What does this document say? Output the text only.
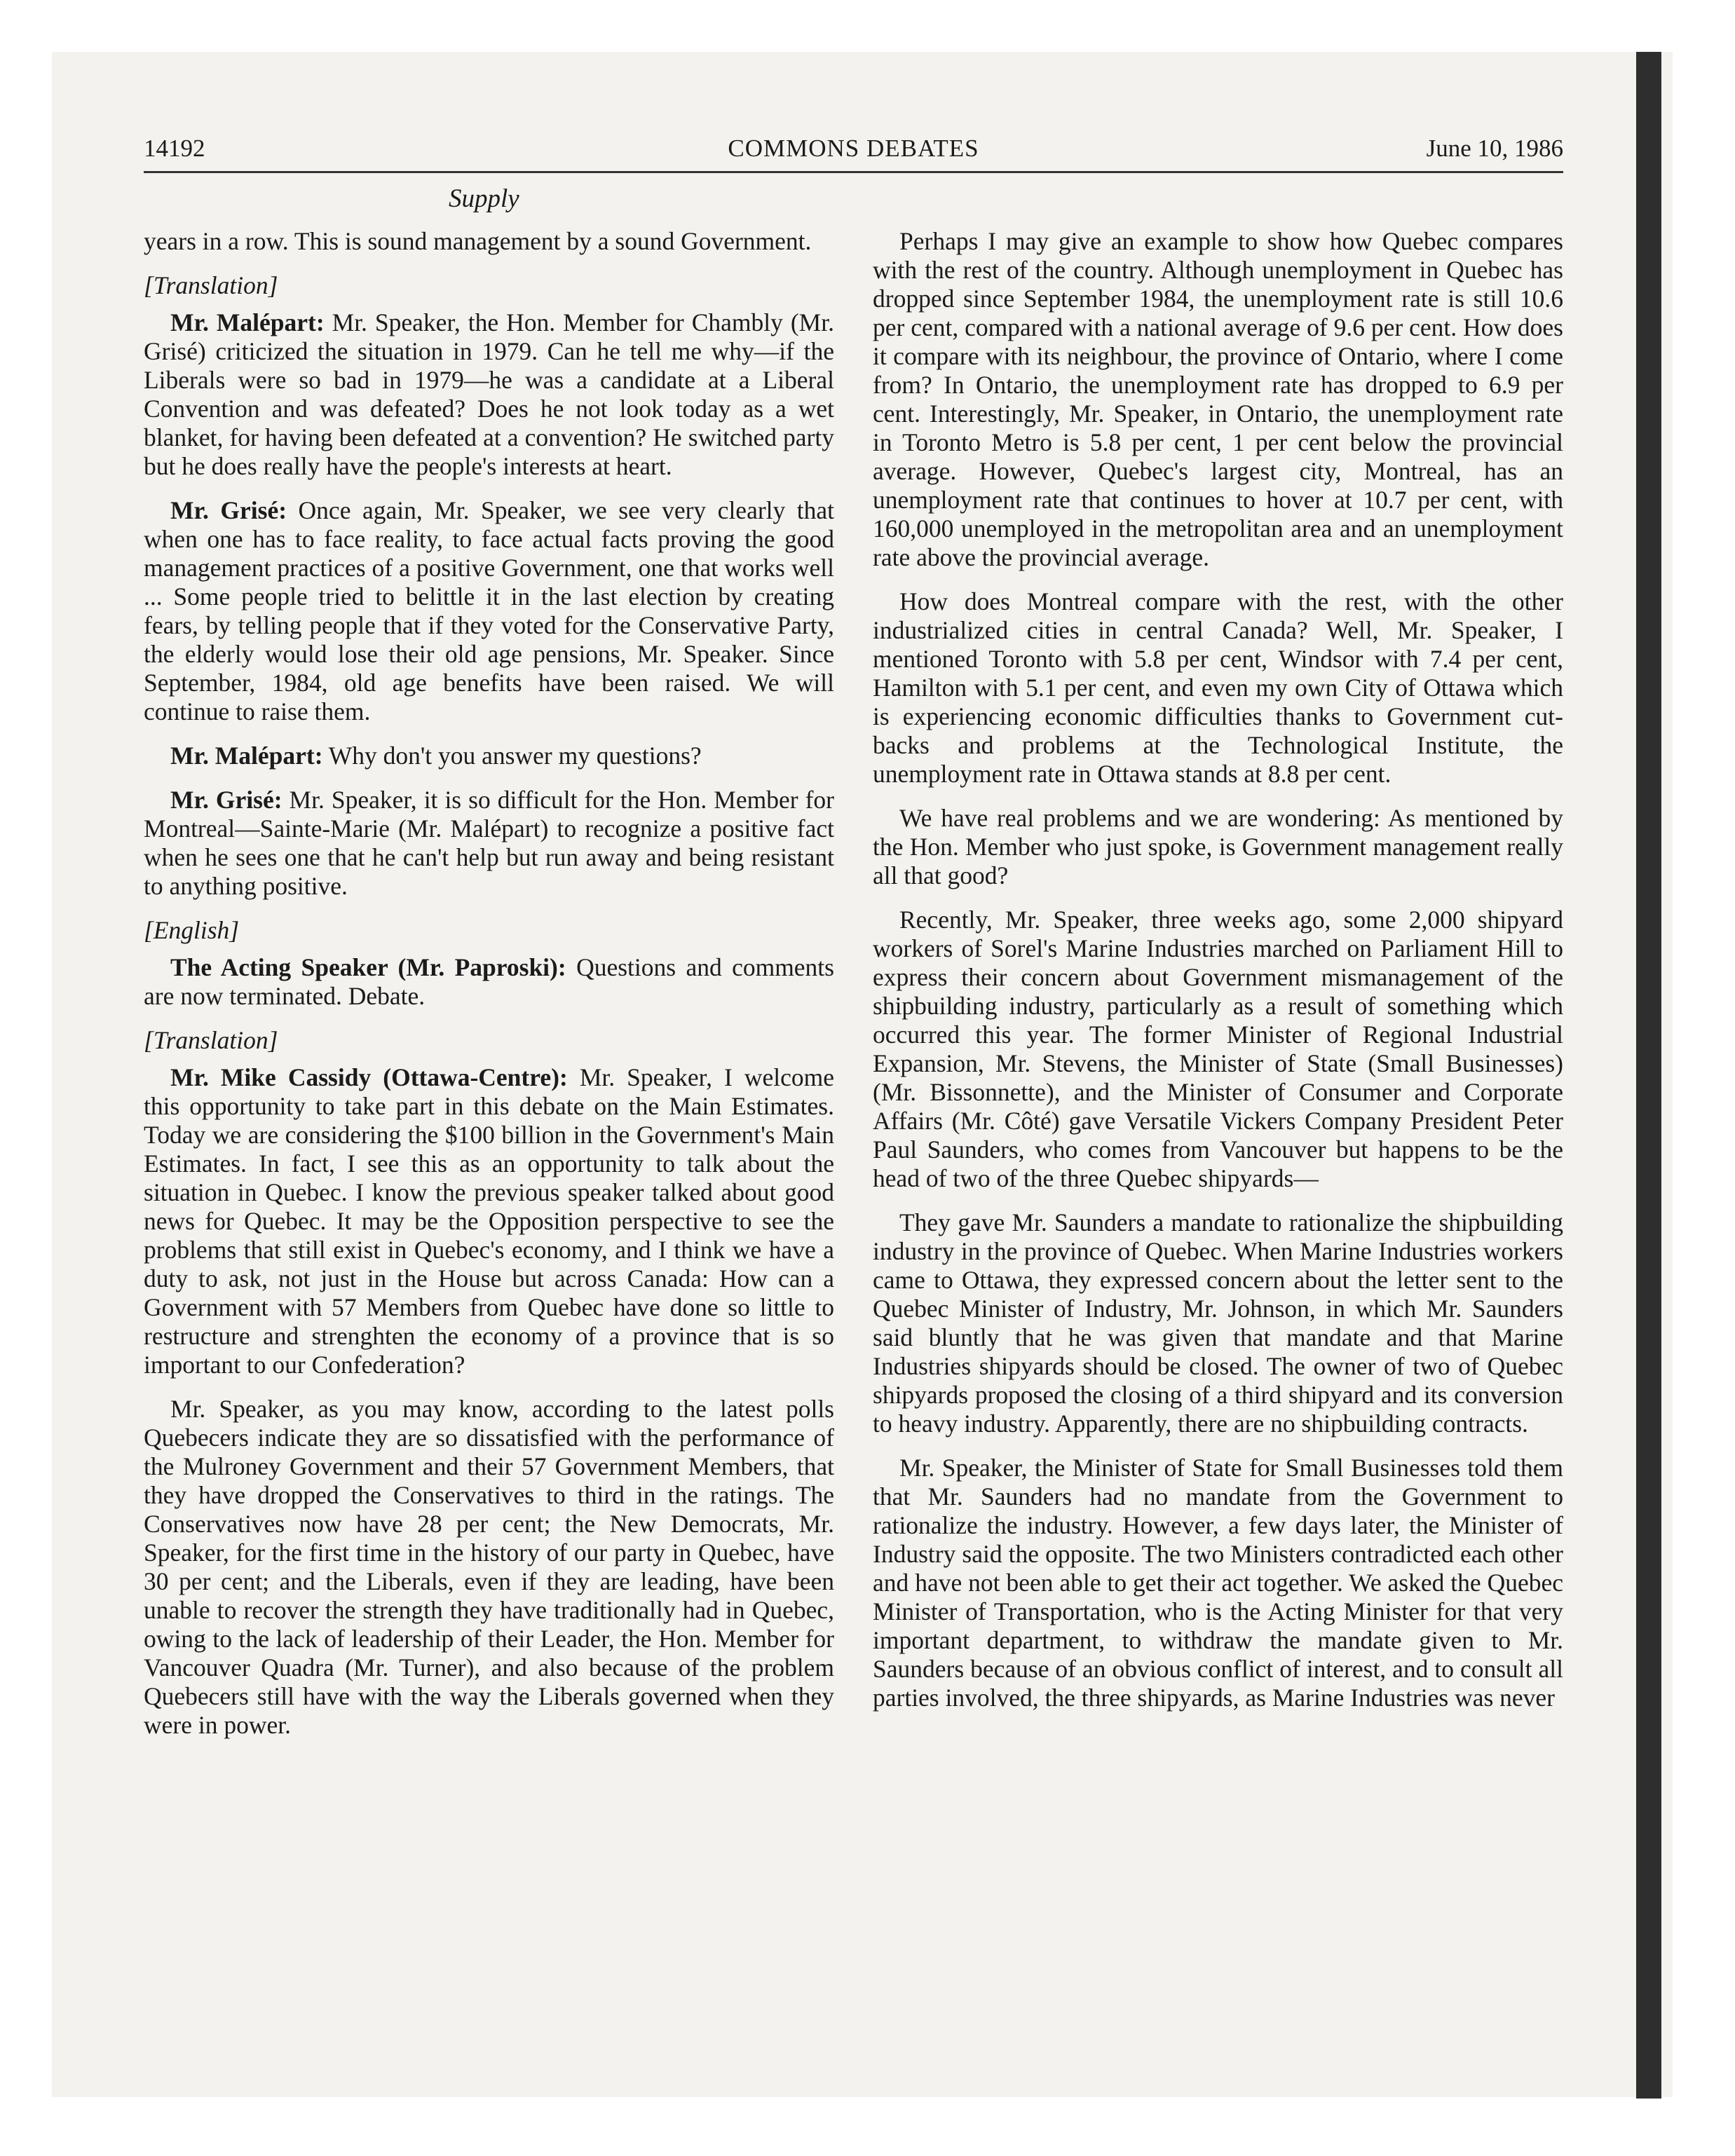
14192	COMMONS DEBATES	June 10, 1986
Supply

years in a row. This is sound management by a sound Government.

[Translation]

Mr. Malépart: Mr. Speaker, the Hon. Member for Chambly (Mr. Grisé) criticized the situation in 1979. Can he tell me why—if the Liberals were so bad in 1979—he was a candidate at a Liberal Convention and was defeated? Does he not look today as a wet blanket, for having been defeated at a convention? He switched party but he does really have the people's interests at heart.

Mr. Grisé: Once again, Mr. Speaker, we see very clearly that when one has to face reality, to face actual facts proving the good management practices of a positive Government, one that works well ... Some people tried to belittle it in the last election by creating fears, by telling people that if they voted for the Conservative Party, the elderly would lose their old age pensions, Mr. Speaker. Since September, 1984, old age benefits have been raised. We will continue to raise them.

Mr. Malépart: Why don't you answer my questions?

Mr. Grisé: Mr. Speaker, it is so difficult for the Hon. Member for Montreal—Sainte-Marie (Mr. Malépart) to recognize a positive fact when he sees one that he can't help but run away and being resistant to anything positive.

[English]

The Acting Speaker (Mr. Paproski): Questions and comments are now terminated. Debate.

[Translation]

Mr. Mike Cassidy (Ottawa-Centre): Mr. Speaker, I welcome this opportunity to take part in this debate on the Main Estimates. Today we are considering the $100 billion in the Government's Main Estimates. In fact, I see this as an opportunity to talk about the situation in Quebec. I know the previous speaker talked about good news for Quebec. It may be the Opposition perspective to see the problems that still exist in Quebec's economy, and I think we have a duty to ask, not just in the House but across Canada: How can a Government with 57 Members from Quebec have done so little to restructure and strenghten the economy of a province that is so important to our Confederation?

Mr. Speaker, as you may know, according to the latest polls Quebecers indicate they are so dissatisfied with the performance of the Mulroney Government and their 57 Government Members, that they have dropped the Conservatives to third in the ratings. The Conservatives now have 28 per cent; the New Democrats, Mr. Speaker, for the first time in the history of our party in Quebec, have 30 per cent; and the Liberals, even if they are leading, have been unable to recover the strength they have traditionally had in Quebec, owing to the lack of leadership of their Leader, the Hon. Member for Vancouver Quadra (Mr. Turner), and also because of the problem Quebecers still have with the way the Liberals governed when they were in power.

Perhaps I may give an example to show how Quebec compares with the rest of the country. Although unemployment in Quebec has dropped since September 1984, the unemployment rate is still 10.6 per cent, compared with a national average of 9.6 per cent. How does it compare with its neighbour, the province of Ontario, where I come from? In Ontario, the unemployment rate has dropped to 6.9 per cent. Interestingly, Mr. Speaker, in Ontario, the unemployment rate in Toronto Metro is 5.8 per cent, 1 per cent below the provincial average. However, Quebec's largest city, Montreal, has an unemployment rate that continues to hover at 10.7 per cent, with 160,000 unemployed in the metropolitan area and an unemployment rate above the provincial average.

How does Montreal compare with the rest, with the other industrialized cities in central Canada? Well, Mr. Speaker, I mentioned Toronto with 5.8 per cent, Windsor with 7.4 per cent, Hamilton with 5.1 per cent, and even my own City of Ottawa which is experiencing economic difficulties thanks to Government cut-backs and problems at the Technological Institute, the unemployment rate in Ottawa stands at 8.8 per cent.

We have real problems and we are wondering: As mentioned by the Hon. Member who just spoke, is Government management really all that good?

Recently, Mr. Speaker, three weeks ago, some 2,000 shipyard workers of Sorel's Marine Industries marched on Parliament Hill to express their concern about Government mismanagement of the shipbuilding industry, particularly as a result of something which occurred this year. The former Minister of Regional Industrial Expansion, Mr. Stevens, the Minister of State (Small Businesses) (Mr. Bissonnette), and the Minister of Consumer and Corporate Affairs (Mr. Côté) gave Versatile Vickers Company President Peter Paul Saunders, who comes from Vancouver but happens to be the head of two of the three Quebec shipyards—

They gave Mr. Saunders a mandate to rationalize the shipbuilding industry in the province of Quebec. When Marine Industries workers came to Ottawa, they expressed concern about the letter sent to the Quebec Minister of Industry, Mr. Johnson, in which Mr. Saunders said bluntly that he was given that mandate and that Marine Industries shipyards should be closed. The owner of two of Quebec shipyards proposed the closing of a third shipyard and its conversion to heavy industry. Apparently, there are no shipbuilding contracts.

Mr. Speaker, the Minister of State for Small Businesses told them that Mr. Saunders had no mandate from the Government to rationalize the industry. However, a few days later, the Minister of Industry said the opposite. The two Ministers contradicted each other and have not been able to get their act together. We asked the Quebec Minister of Transportation, who is the Acting Minister for that very important department, to withdraw the mandate given to Mr. Saunders because of an obvious conflict of interest, and to consult all parties involved, the three shipyards, as Marine Industries was never
